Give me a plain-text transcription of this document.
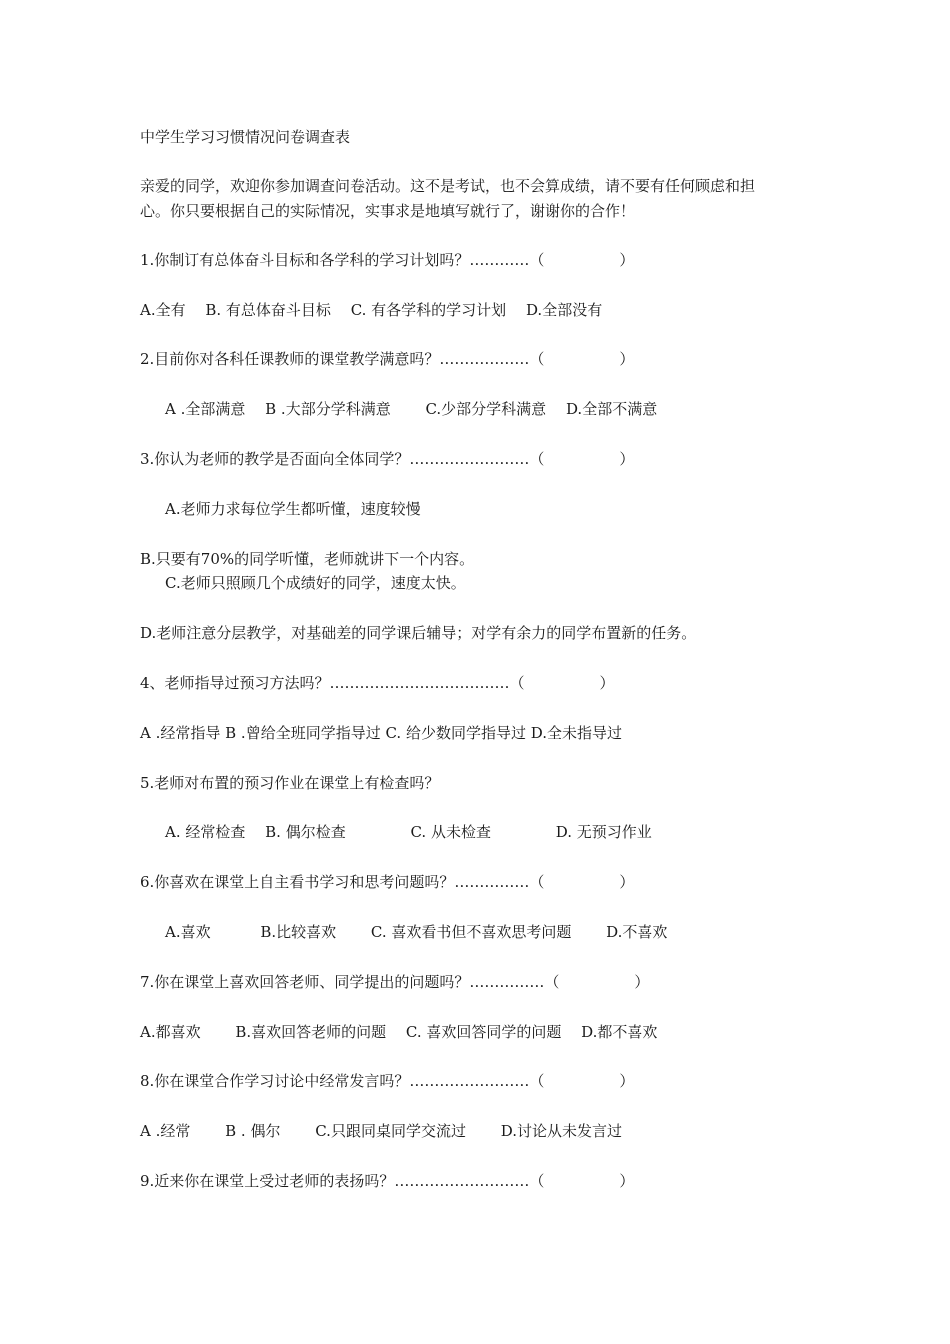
中学生学习习惯情况问卷调查表

亲爱的同学，欢迎你参加调查问卷活动。这不是考试，也不会算成绩，请不要有任何顾虑和担

心。你只要根据自己的实际情况，实事求是地填写就行了，谢谢你的合作！

1.你制订有总体奋斗目标和各学科的学习计划吗？…………（　　　　　）

A.全有　 B. 有总体奋斗目标　 C. 有各学科的学习计划　 D.全部没有

2.目前你对各科任课教师的课堂教学满意吗？………………（　　　　　）

A .全部满意　 B .大部分学科满意　　 C.少部分学科满意　 D.全部不满意

3.你认为老师的教学是否面向全体同学？……………………（　　　　　）

A.老师力求每位学生都听懂，速度较慢

B.只要有70%的同学听懂，老师就讲下一个内容。

C.老师只照顾几个成绩好的同学，速度太快。

D.老师注意分层教学，对基础差的同学课后辅导；对学有余力的同学布置新的任务。

4、老师指导过预习方法吗？………………………………（　　　　　）

A .经常指导 B .曾给全班同学指导过 C. 给少数同学指导过 D.全未指导过

5.老师对布置的预习作业在课堂上有检查吗？

A. 经常检查　 B. 偶尔检查　　　　 C. 从未检查　　　　 D. 无预习作业

6.你喜欢在课堂上自主看书学习和思考问题吗？……………（　　　　　）

A.喜欢　　　 B.比较喜欢　　 C. 喜欢看书但不喜欢思考问题　　 D.不喜欢

7.你在课堂上喜欢回答老师、同学提出的问题吗？……………（　　　　　）

A.都喜欢　　 B.喜欢回答老师的问题　 C. 喜欢回答同学的问题　 D.都不喜欢

8.你在课堂合作学习讨论中经常发言吗？……………………（　　　　　）

A .经常　　 B . 偶尔　　 C.只跟同桌同学交流过　　 D.讨论从未发言过

9.近来你在课堂上受过老师的表扬吗？………………………（　　　　　）
